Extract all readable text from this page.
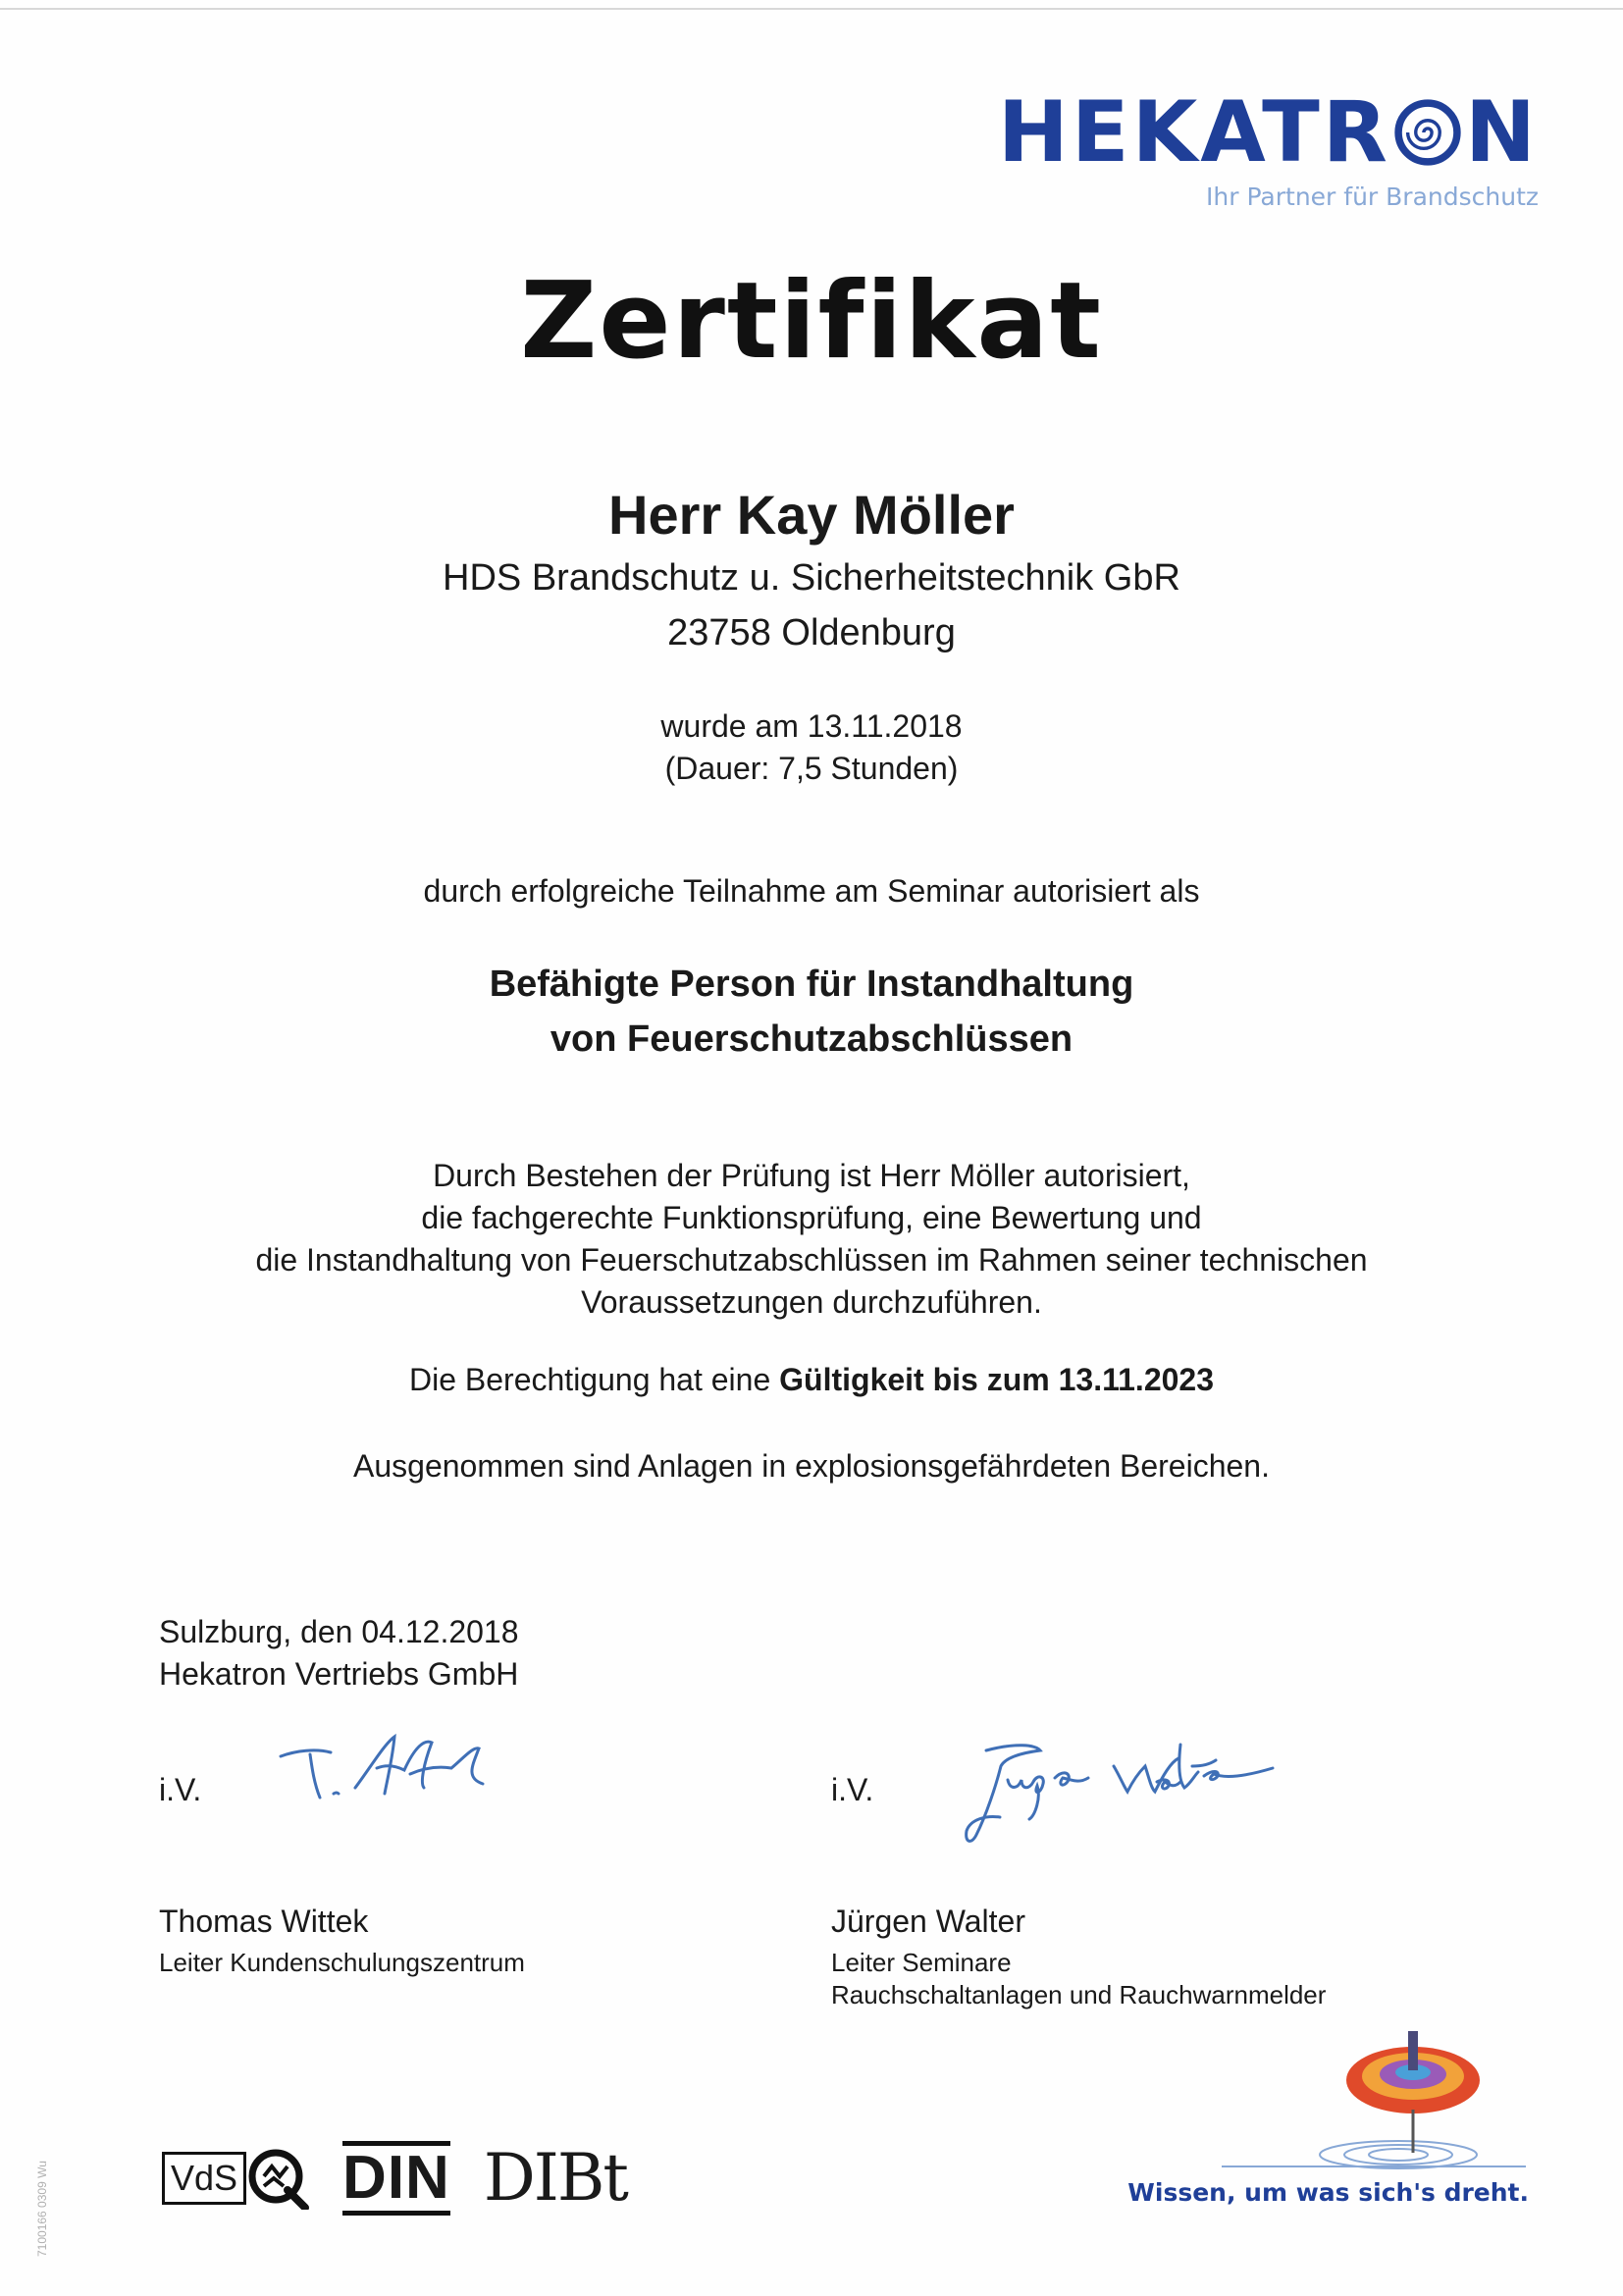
HEKATR N
Ihr Partner für Brandschutz
Zertifikat
Herr Kay Möller
HDS Brandschutz u. Sicherheitstechnik GbR
23758 Oldenburg
wurde am 13.11.2018
(Dauer: 7,5 Stunden)
durch erfolgreiche Teilnahme am Seminar autorisiert als
Befähigte Person für Instandhaltung
von Feuerschutzabschlüssen
Durch Bestehen der Prüfung ist Herr Möller autorisiert,
die fachgerechte Funktionsprüfung, eine Bewertung und
die Instandhaltung von Feuerschutzabschlüssen im Rahmen seiner technischen
Voraussetzungen durchzuführen.
Die Berechtigung hat eine Gültigkeit bis zum 13.11.2023
Ausgenommen sind Anlagen in explosionsgefährdeten Bereichen.
Sulzburg, den 04.12.2018
Hekatron Vertriebs GmbH
i.V.	i.V.
Thomas Wittek
Leiter Kundenschulungszentrum
Jürgen Walter
Leiter Seminare
Rauchschaltanlagen und Rauchwarnmelder
VdS DIN DIBt	Wissen, um was sich's dreht.
7100166 0309 Wu
